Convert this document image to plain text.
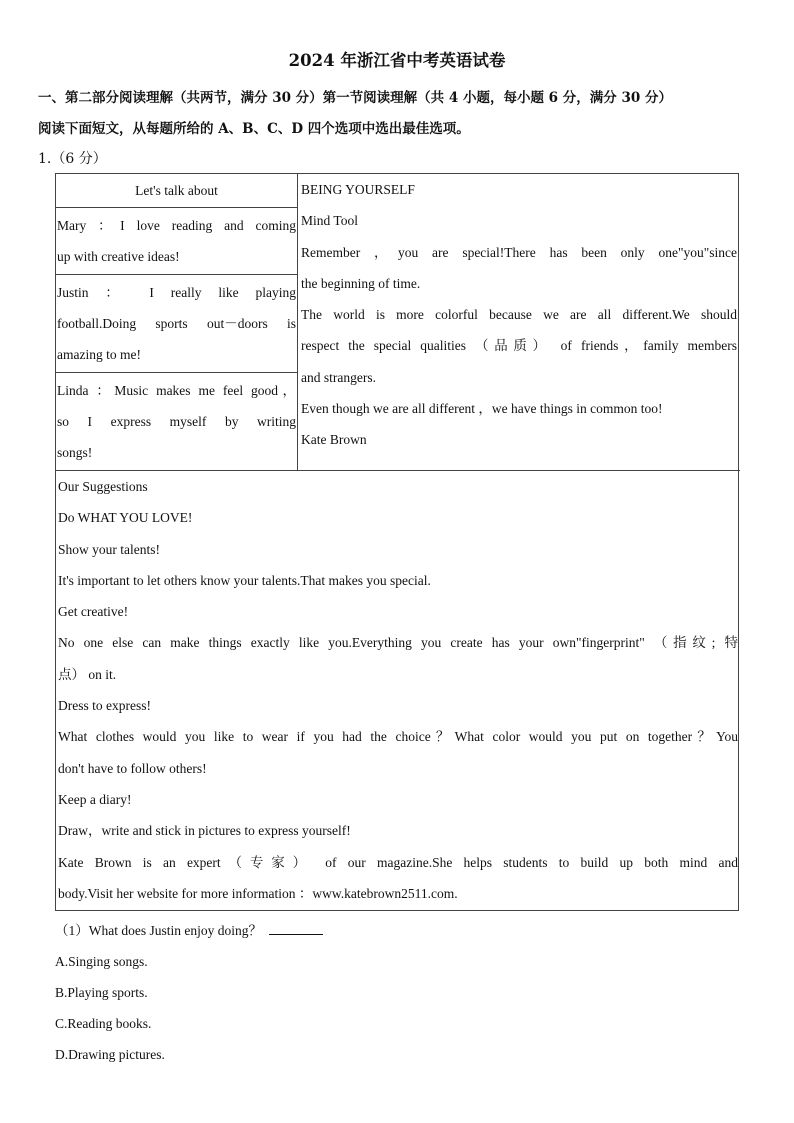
2024 年浙江省中考英语试卷
一、第二部分阅读理解（共两节，满分 30 分）第一节阅读理解（共 4 小题，每小题 6 分，满分 30 分）
阅读下面短文，从每题所给的 A、B、C、D 四个选项中选出最佳选项。
1.（6 分）
Let's talk about

Mary ：I love reading and coming

up with creative ideas!

Justin ： I really like playing

football.Doing sports out－doors is

amazing to me!

Linda ：Music makes me feel good，

so I express myself by writing

songs!

BEING YOURSELF

Mind Tool

Remember ，you are special!There has been only one"you"since

the beginning of time.

The world is more colorful because we are all different.We should

respect the special qualities （品质） of friends，family members

and strangers.

Even though we are all different ，we have things in common too!

Kate Brown

Our Suggestions

Do WHAT YOU LOVE!

Show your talents!

It's important to let others know your talents.That makes you special.

Get creative!

No one else can make things exactly like you.Everything you create has your own"fingerprint" （指纹; 特

点） on it.

Dress to express!

What clothes would you like to wear if you had the choice？What color would you put on together？You

don't have to follow others!

Keep a diary!

Draw，write and stick in pictures to express yourself!

Kate Brown is an expert（专家） of our magazine.She helps students to build up both mind and

body.Visit her website for more information ：www.katebrown2511.com.

（1）What does Justin enjoy doing？

A.Singing songs.

B.Playing sports.

C.Reading books.

D.Drawing pictures.
